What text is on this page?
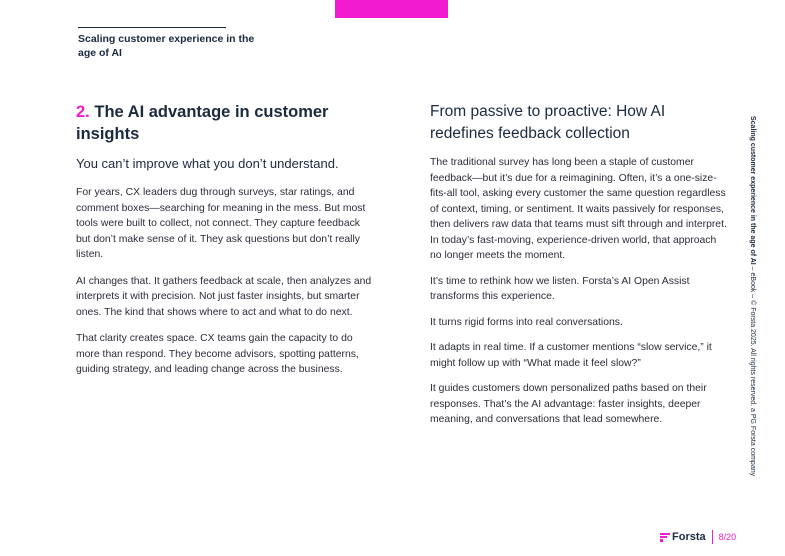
Scaling customer experience in the age of AI
2. The AI advantage in customer insights

You can’t improve what you don’t understand.

For years, CX leaders dug through surveys, star ratings, and comment boxes—searching for meaning in the mess. But most tools were built to collect, not connect. They capture feedback but don’t make sense of it. They ask questions but don’t really listen.

AI changes that. It gathers feedback at scale, then analyzes and interprets it with precision. Not just faster insights, but smarter ones. The kind that shows where to act and what to do next.

That clarity creates space. CX teams gain the capacity to do more than respond. They become advisors, spotting patterns, guiding strategy, and leading change across the business.

From passive to proactive: How AI redefines feedback collection

The traditional survey has long been a staple of customer feedback—but it’s due for a reimagining. Often, it’s a one-size-fits-all tool, asking every customer the same question regardless of context, timing, or sentiment. It waits passively for responses, then delivers raw data that teams must sift through and interpret. In today’s fast-moving, experience-driven world, that approach no longer meets the moment.

It’s time to rethink how we listen. Forsta’s AI Open Assist transforms this experience.

It turns rigid forms into real conversations.

It adapts in real time. If a customer mentions “slow service,” it might follow up with “What made it feel slow?”

It guides customers down personalized paths based on their responses. That’s the AI advantage: faster insights, deeper meaning, and conversations that lead somewhere.

Scaling customer experience in the age of AI – eBook – © Forsta 2025. All rights reserved. a PG Forsta company
Forsta 8/20
